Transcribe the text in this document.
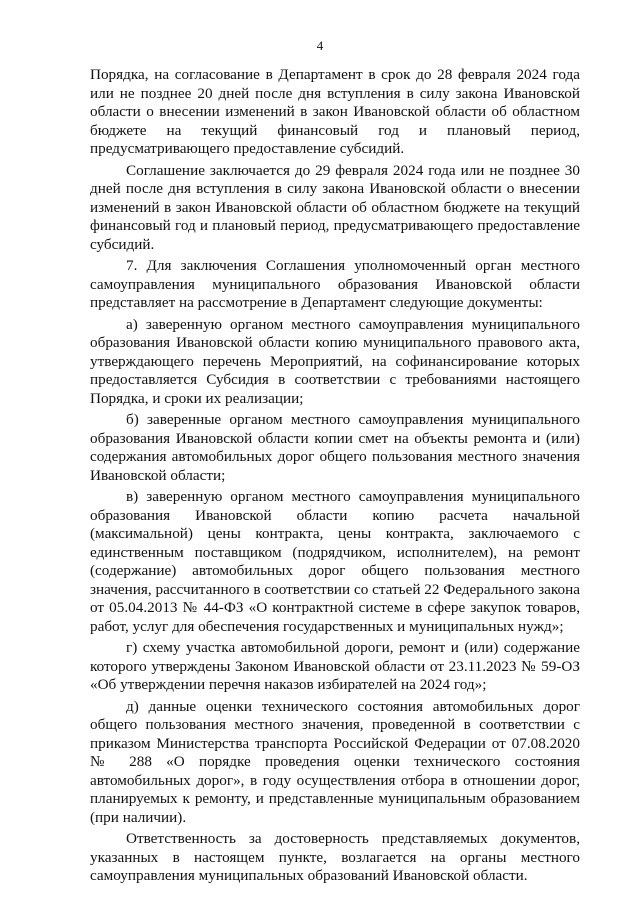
4

Порядка, на согласование в Департамент в срок до 28 февраля 2024 года или не позднее 20 дней после дня вступления в силу закона Ивановской области о внесении изменений в закон Ивановской области об областном бюджете на текущий финансовый год и плановый период, предусматривающего предоставление субсидий.

Соглашение заключается до 29 февраля 2024 года или не позднее 30 дней после дня вступления в силу закона Ивановской области о внесении изменений в закон Ивановской области об областном бюджете на текущий финансовый год и плановый период, предусматривающего предоставление субсидий.

7. Для заключения Соглашения уполномоченный орган местного самоуправления муниципального образования Ивановской области представляет на рассмотрение в Департамент следующие документы:

а) заверенную органом местного самоуправления муниципального образования Ивановской области копию муниципального правового акта, утверждающего перечень Мероприятий, на софинансирование которых предоставляется Субсидия в соответствии с требованиями настоящего Порядка, и сроки их реализации;

б) заверенные органом местного самоуправления муниципального образования Ивановской области копии смет на объекты ремонта и (или) содержания автомобильных дорог общего пользования местного значения Ивановской области;

в) заверенную органом местного самоуправления муниципального образования Ивановской области копию расчета начальной (максимальной) цены контракта, цены контракта, заключаемого с единственным поставщиком (подрядчиком, исполнителем), на ремонт (содержание) автомобильных дорог общего пользования местного значения, рассчитанного в соответствии со статьей 22 Федерального закона от 05.04.2013 № 44-ФЗ «О контрактной системе в сфере закупок товаров, работ, услуг для обеспечения государственных и муниципальных нужд»;

г) схему участка автомобильной дороги, ремонт и (или) содержание которого утверждены Законом Ивановской области от 23.11.2023 № 59-ОЗ «Об утверждении перечня наказов избирателей на 2024 год»;

д) данные оценки технического состояния автомобильных дорог общего пользования местного значения, проведенной в соответствии с приказом Министерства транспорта Российской Федерации от 07.08.2020 № 288 «О порядке проведения оценки технического состояния автомобильных дорог», в году осуществления отбора в отношении дорог, планируемых к ремонту, и представленные муниципальным образованием (при наличии).

Ответственность за достоверность представляемых документов, указанных в настоящем пункте, возлагается на органы местного самоуправления муниципальных образований Ивановской области.
